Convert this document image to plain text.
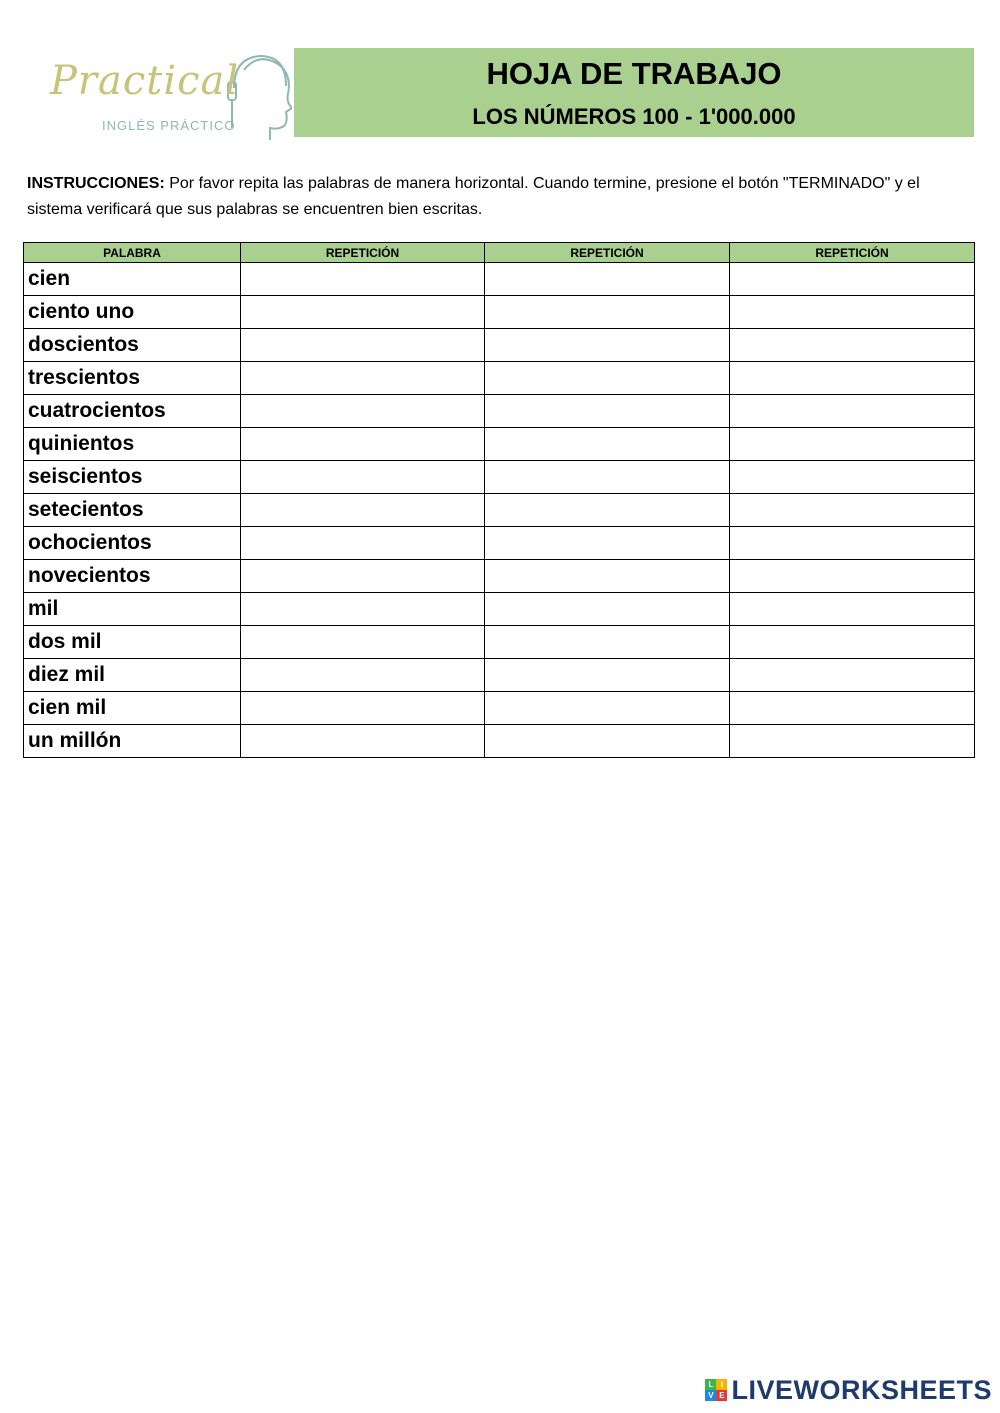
Practical
INGLÉS PRÁCTICO
HOJA DE TRABAJO
LOS NÚMEROS 100 - 1'000.000
INSTRUCCIONES: Por favor repita las palabras de manera horizontal. Cuando termine, presione el botón "TERMINADO" y el sistema verificará que sus palabras se encuentren bien escritas.
PALABRA	REPETICIÓN	REPETICIÓN	REPETICIÓN
cien			
ciento uno			
doscientos			
trescientos			
cuatrocientos			
quinientos			
seiscientos			
setecientos			
ochocientos			
novecientos			
mil			
dos mil			
diez mil			
cien mil			
un millón			
L I
V E LIVEWORKSHEETS
